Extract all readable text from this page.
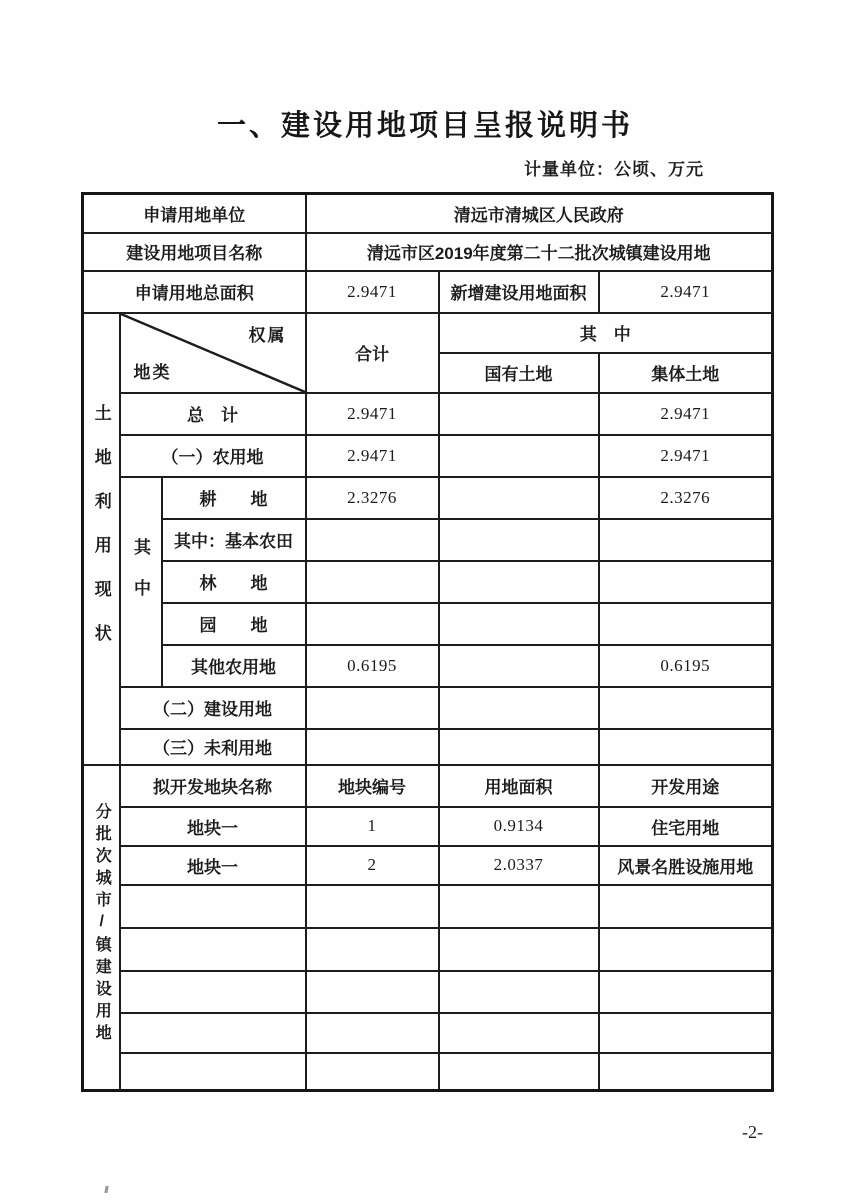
一、建设用地项目呈报说明书
计量单位：公顷、万元
申请用地单位			清远市清城区人民政府		
建设用地项目名称			清远市区2019年度第二十二批次城镇建设用地		
申请用地总面积			2.9471	新增建设用地面积	2.9471
土地利用现状	权属
地类		合计	其　中	
				国有土地	集体土地
	总　计		2.9471		2.9471
	（一）农用地		2.9471		2.9471
	其中	耕　　地	2.3276		2.3276
		其中：基本农田			
		林　　地			
		园　　地			
		其他农用地	0.6195		0.6195
	（二）建设用地				
	（三）未利用地				
分批次城市/镇建设用地	拟开发地块名称		地块编号	用地面积	开发用途
	地块一		1	0.9134	住宅用地
	地块一		2	2.0337	风景名胜设施用地

-2-
